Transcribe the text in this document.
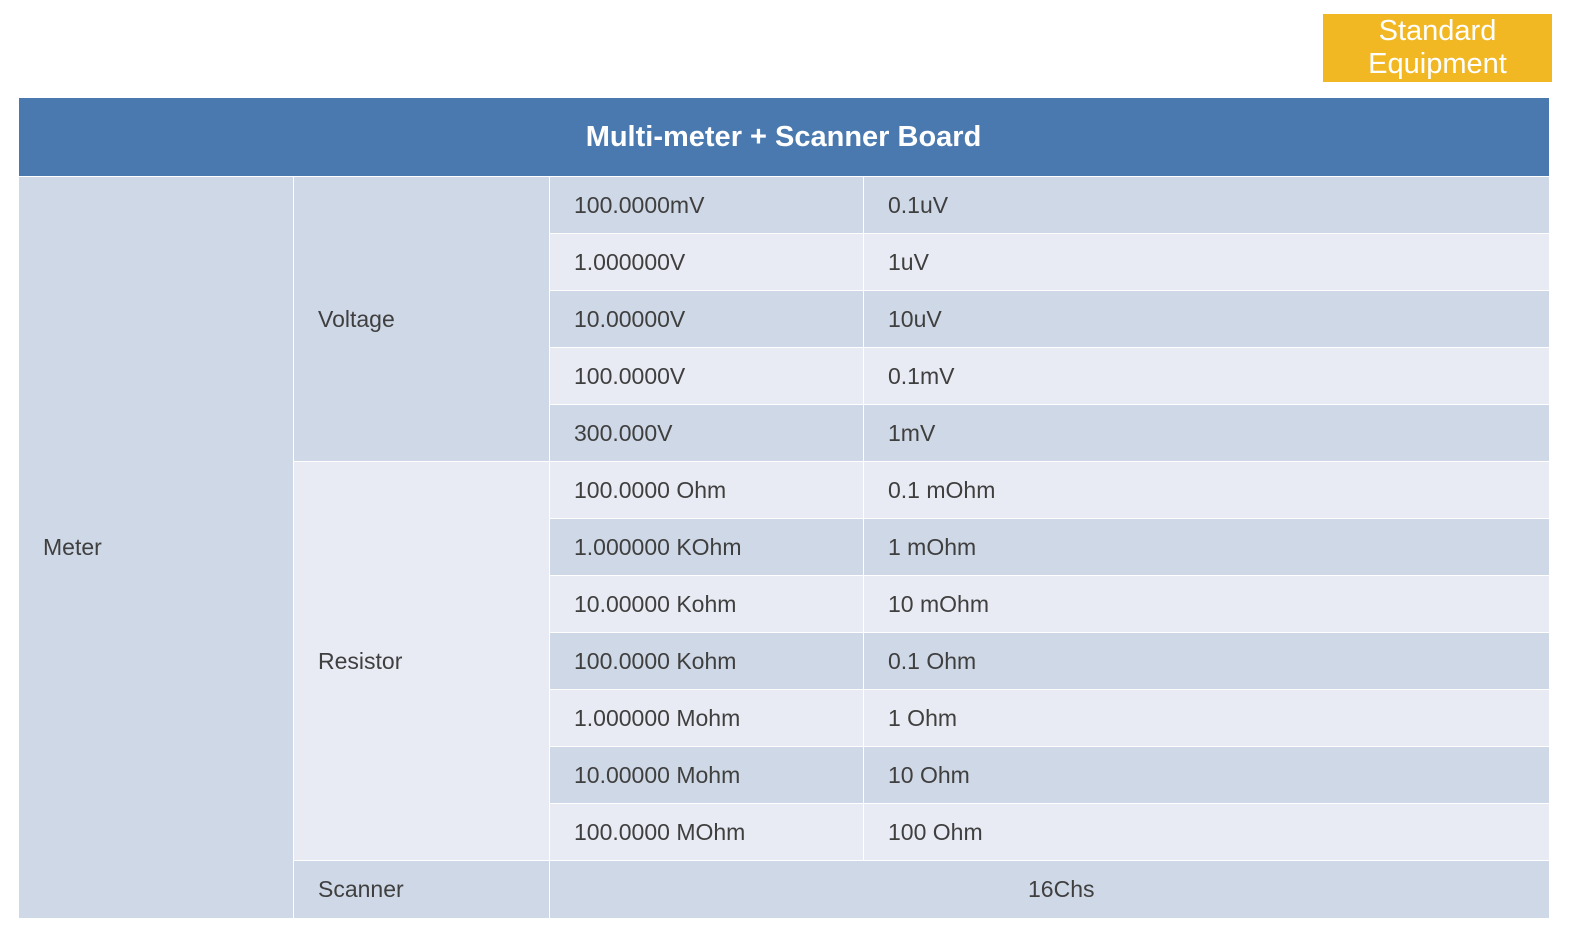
Standard
Equipment
Multi-meter + Scanner Board			
Meter	Voltage	100.0000mV	0.1uV
		1.000000V	1uV
		10.00000V	10uV
		100.0000V	0.1mV
		300.000V	1mV
	Resistor	100.0000 Ohm	0.1 mOhm
		1.000000 KOhm	1 mOhm
		10.00000 Kohm	10 mOhm
		100.0000 Kohm	0.1 Ohm
		1.000000 Mohm	1 Ohm
		10.00000 Mohm	10 Ohm
		100.0000 MOhm	100 Ohm
	Scanner	16Chs	
